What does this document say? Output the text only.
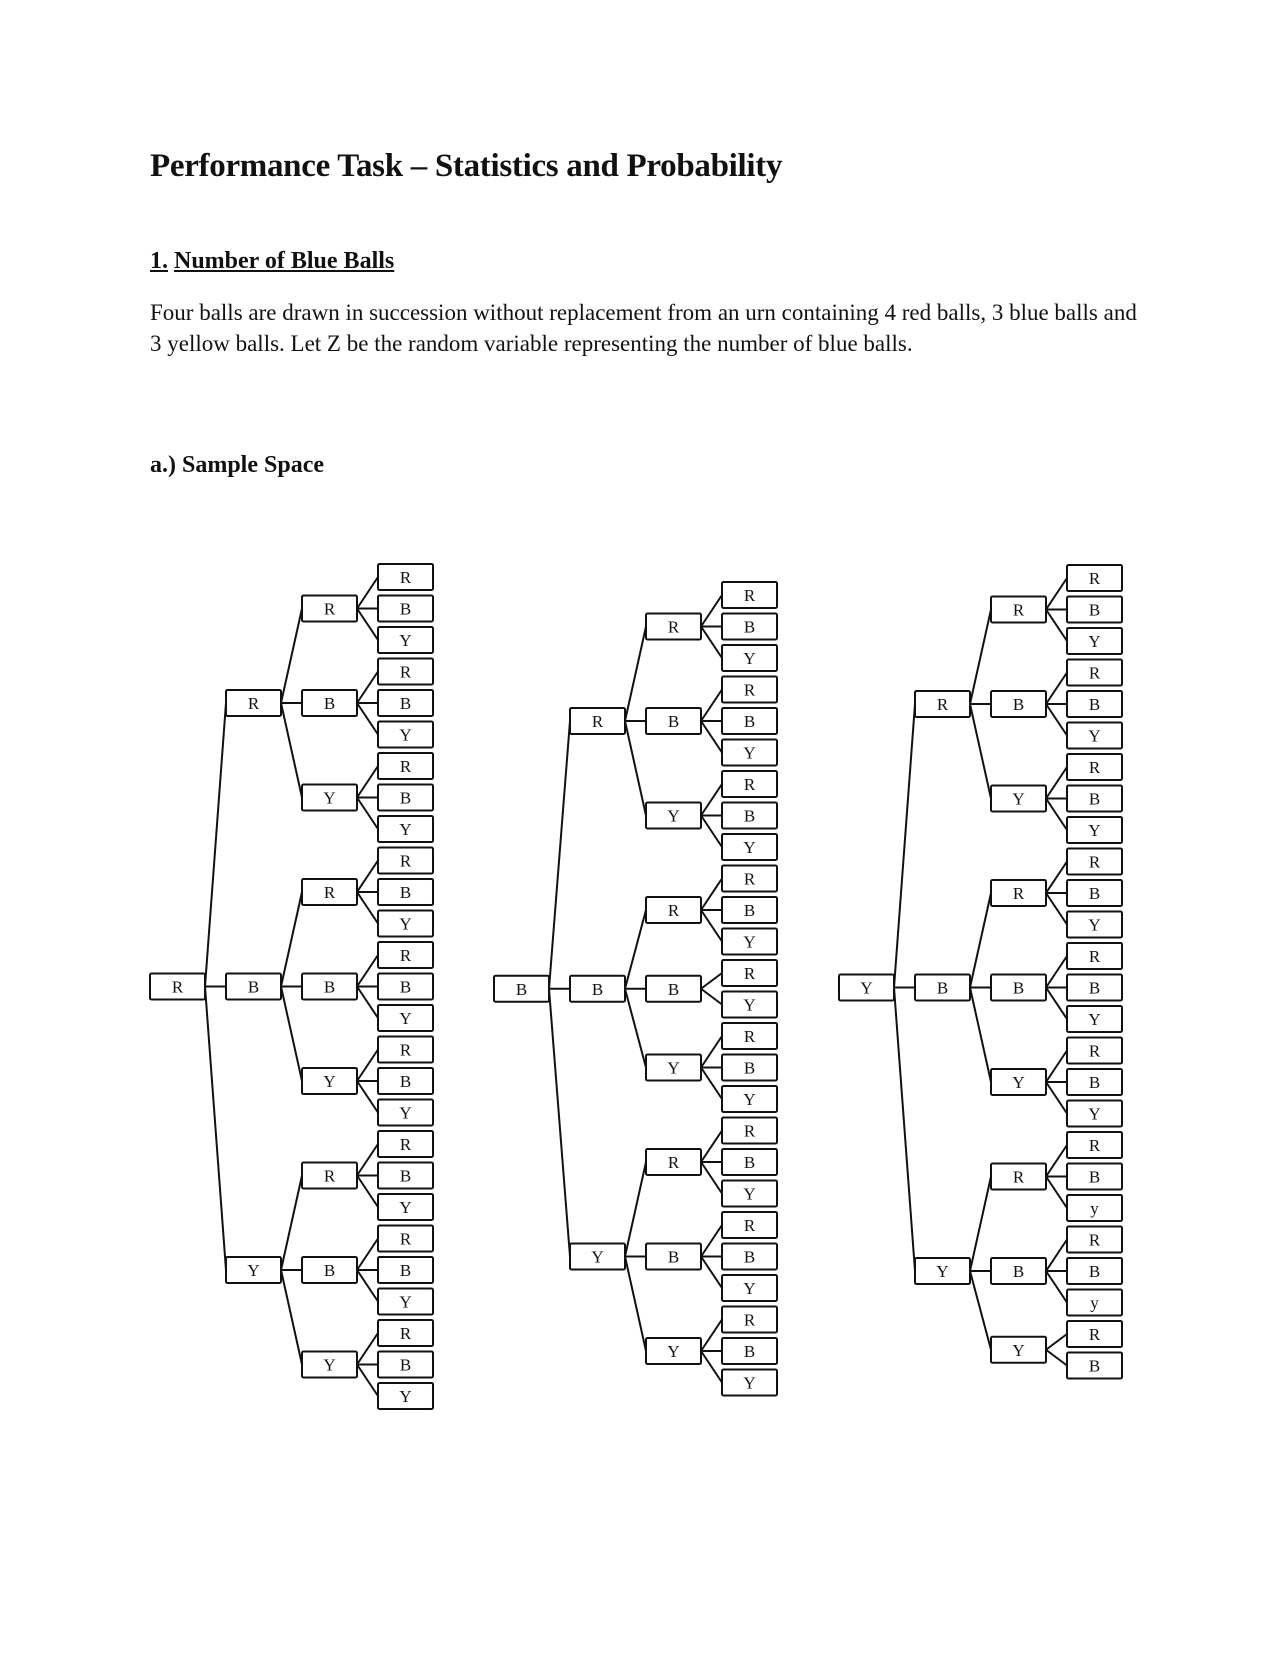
Performance Task – Statistics and Probability
1. Number of Blue Balls

Four balls are drawn in succession without replacement from an urn containing 4 red balls, 3 blue balls and 3 yellow balls. Let Z be the random variable representing the number of blue balls.

a.) Sample Space
R
B
Y
R
R
B
Y
B
R
B
Y
Y
R
R
B
Y
R
R
B
Y
B
R
B
Y
Y
B
R
B
Y
R
R
B
Y
B
R
B
Y
Y
Y
R
R
B
Y
R
R
B
Y
B
R
B
Y
Y
R
R
B
Y
R
R
Y
B
R
B
Y
Y
B
R
B
Y
R
R
B
Y
B
R
B
Y
Y
Y
B
R
B
Y
R
R
B
Y
B
R
B
Y
Y
R
R
B
Y
R
R
B
Y
B
R
B
Y
Y
B
R
B
y
R
R
B
y
B
R
B
Y
Y
Y
